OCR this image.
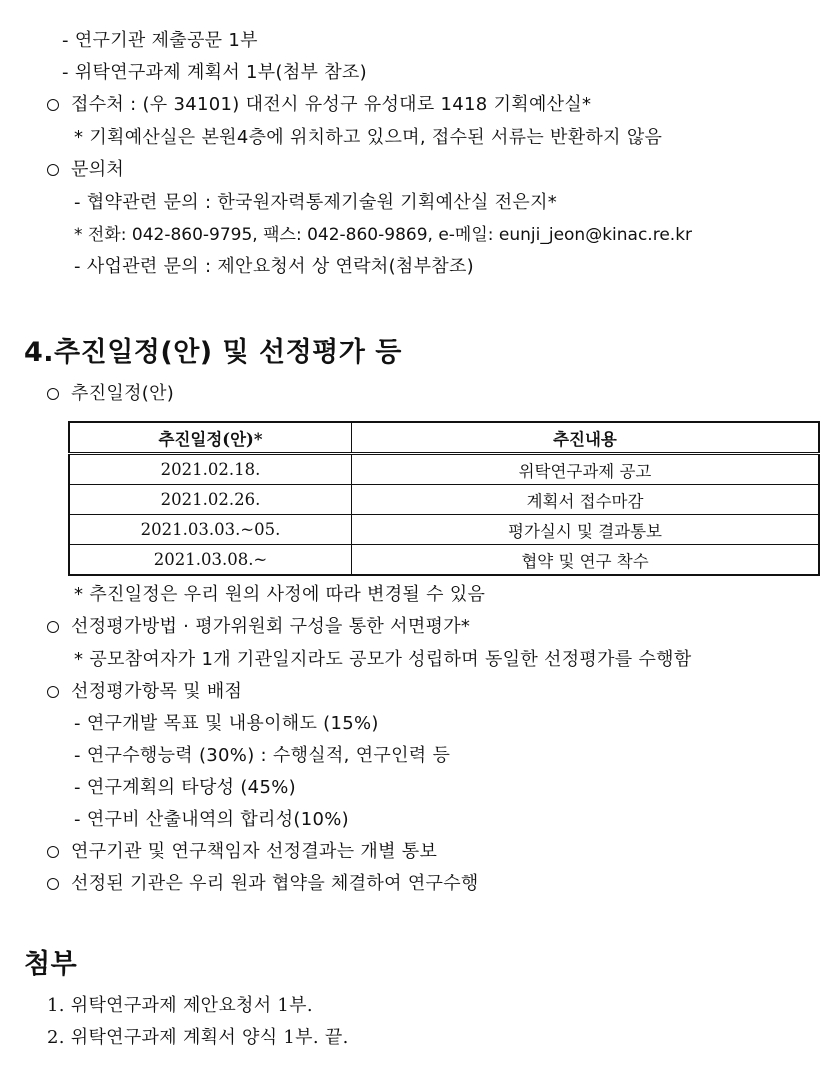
- 연구기관 제출공문 1부
- 위탁연구과제 계획서 1부(첨부 참조)
접수처 : (우 34101) 대전시 유성구 유성대로 1418 기획예산실*
* 기획예산실은 본원4층에 위치하고 있으며, 접수된 서류는 반환하지 않음
문의처
- 협약관련 문의 : 한국원자력통제기술원 기획예산실 전은지*
* 전화: 042-860-9795, 팩스: 042-860-9869, e-메일: eunji_jeon@kinac.re.kr
- 사업관련 문의 : 제안요청서 상 연락처(첨부참조)
4.추진일정(안) 및 선정평가 등
추진일정(안)
추진일정(안)*	추진내용
2021.02.18.	위탁연구과제 공고
2021.02.26.	계획서 접수마감
2021.03.03.~05.	평가실시 및 결과통보
2021.03.08.~	협약 및 연구 착수
* 추진일정은 우리 원의 사정에 따라 변경될 수 있음
선정평가방법 · 평가위원회 구성을 통한 서면평가*
* 공모참여자가 1개 기관일지라도 공모가 성립하며 동일한 선정평가를 수행함
선정평가항목 및 배점
- 연구개발 목표 및 내용이해도 (15%)
- 연구수행능력 (30%) : 수행실적, 연구인력 등
- 연구계획의 타당성 (45%)
- 연구비 산출내역의 합리성(10%)
연구기관 및 연구책임자 선정결과는 개별 통보
선정된 기관은 우리 원과 협약을 체결하여 연구수행
첨부
1. 위탁연구과제 제안요청서 1부.
2. 위탁연구과제 계획서 양식 1부. 끝.
